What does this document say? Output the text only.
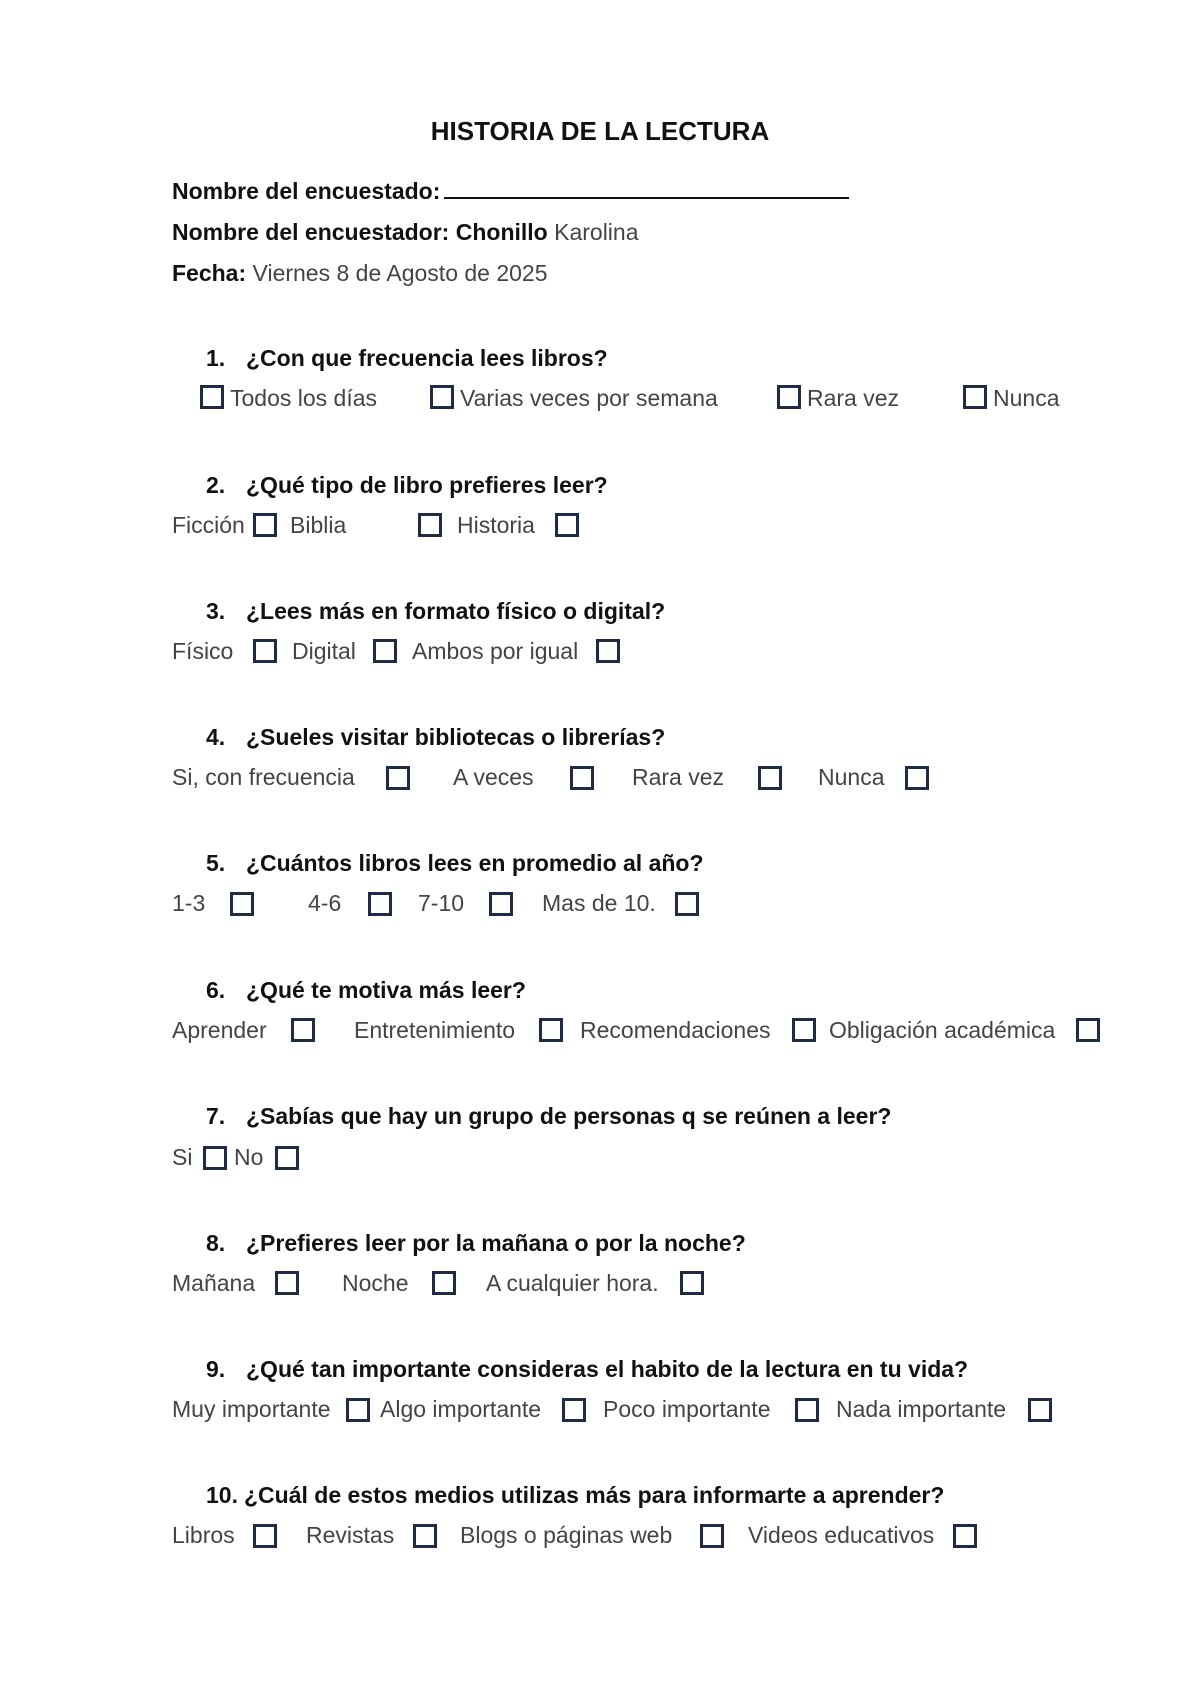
HISTORIA DE LA LECTURA
Nombre del encuestado:
Nombre del encuestador: Chonillo Karolina
Fecha: Viernes 8 de Agosto de 2025
1. ¿Con que frecuencia lees libros?
Todos los días	Varias veces por semana	Rara vez	Nunca
2. ¿Qué tipo de libro prefieres leer?
Ficción Biblia	Historia
3. ¿Lees más en formato físico o digital?
Físico	Digital Ambos por igual
4. ¿Sueles visitar bibliotecas o librerías?
Si, con frecuencia	A veces	Rara vez	Nunca
5. ¿Cuántos libros lees en promedio al año?
1-3	4-6	7-10	Mas de 10.
6. ¿Qué te motiva más leer?
Aprender	Entretenimiento	Recomendaciones	Obligación académica
7. ¿Sabías que hay un grupo de personas q se reúnen a leer?
Si No
8. ¿Prefieres leer por la mañana o por la noche?
Mañana	Noche	A cualquier hora.
9. ¿Qué tan importante consideras el habito de la lectura en tu vida?
Muy importante Algo importante	Poco importante	Nada importante
10. ¿Cuál de estos medios utilizas más para informarte a aprender?
Libros	Revistas	Blogs o páginas web	Videos educativos
